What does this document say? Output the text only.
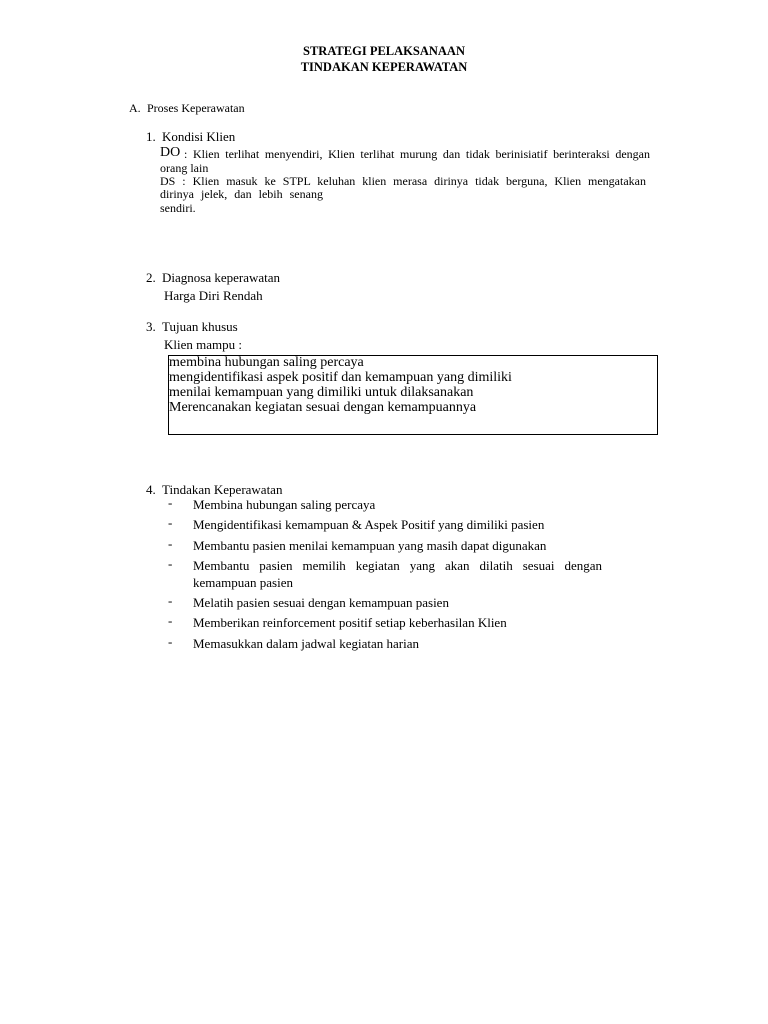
STRATEGI PELAKSANAAN
TINDAKAN KEPERAWATAN
A. Proses Keperawatan
1. Kondisi Klien
DO : Klien terlihat menyendiri, Klien terlihat murung dan tidak berinisiatif berinteraksi dengan
orang lain
DS : Klien masuk ke STPL keluhan klien merasa dirinya tidak berguna, Klien mengatakan
dirinya jelek, dan lebih senang
sendiri.
2. Diagnosa keperawatan
Harga Diri Rendah
3. Tujuan khusus
Klien mampu :
membina hubungan saling percaya
mengidentifikasi aspek positif dan kemampuan yang dimiliki
menilai kemampuan yang dimiliki untuk dilaksanakan
Merencanakan kegiatan sesuai dengan kemampuannya
4. Tindakan Keperawatan
- Membina hubungan saling percaya
- Mengidentifikasi kemampuan & Aspek Positif yang dimiliki pasien
- Membantu pasien menilai kemampuan yang masih dapat digunakan
- Membantu pasien memilih kegiatan yang akan dilatih sesuai dengan
kemampuan pasien
- Melatih pasien sesuai dengan kemampuan pasien
- Memberikan reinforcement positif setiap keberhasilan Klien
- Memasukkan dalam jadwal kegiatan harian
